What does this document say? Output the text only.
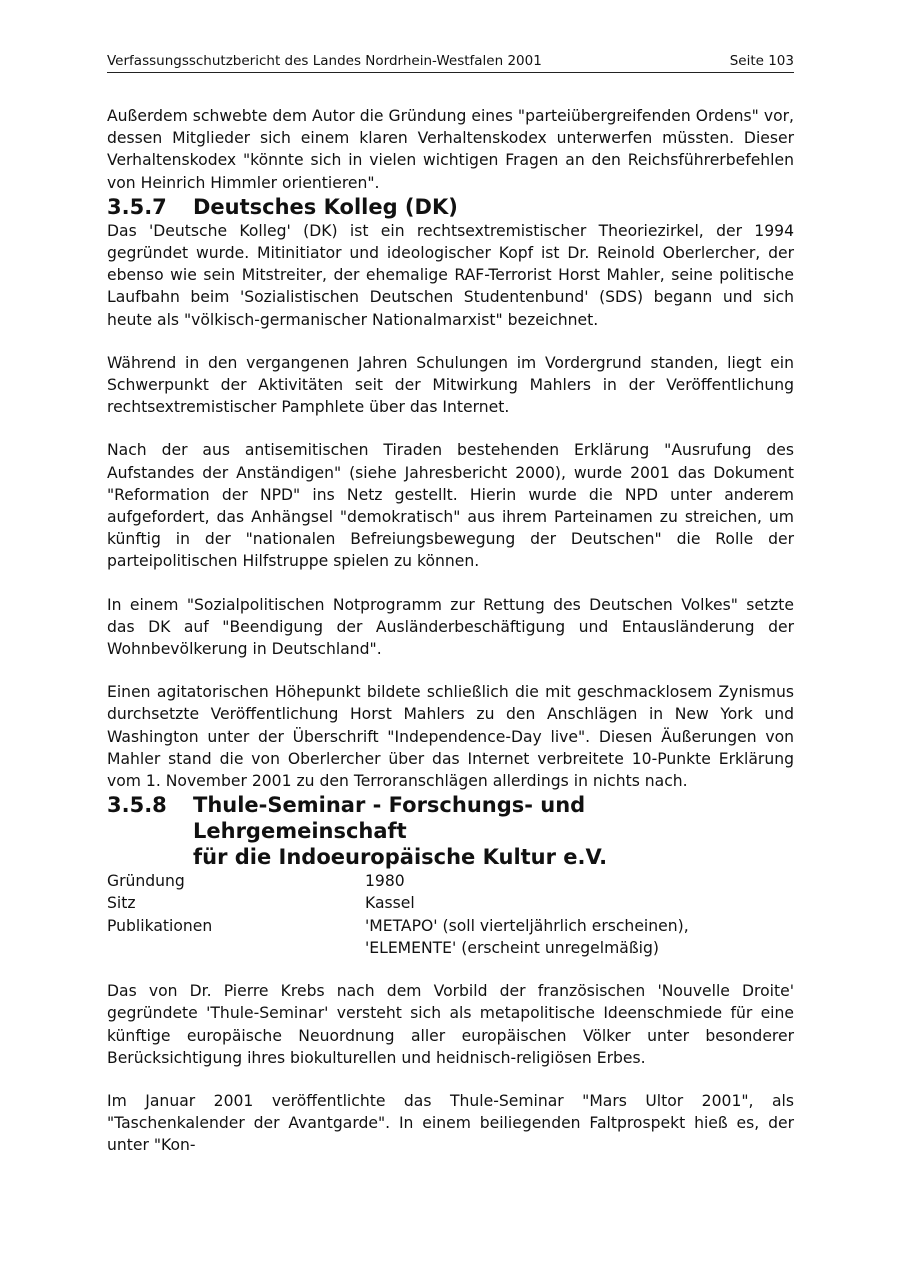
Verfassungsschutzbericht des Landes Nordrhein-Westfalen 2001	Seite 103

Außerdem schwebte dem Autor die Gründung eines "parteiübergreifenden Ordens" vor, dessen Mitglieder sich einem klaren Verhaltenskodex unterwerfen müssten. Dieser Verhaltenskodex "könnte sich in vielen wichtigen Fragen an den Reichsführerbefehlen von Heinrich Himmler orientieren".

3.5.7	Deutsches Kolleg (DK)

Das 'Deutsche Kolleg' (DK) ist ein rechtsextremistischer Theoriezirkel, der 1994 gegründet wurde. Mitinitiator und ideologischer Kopf ist Dr. Reinold Oberlercher, der ebenso wie sein Mitstreiter, der ehemalige RAF-Terrorist Horst Mahler, seine politische Laufbahn beim 'Sozialistischen Deutschen Studentenbund' (SDS) begann und sich heute als "völkisch-germanischer Nationalmarxist" bezeichnet.

Während in den vergangenen Jahren Schulungen im Vordergrund standen, liegt ein Schwerpunkt der Aktivitäten seit der Mitwirkung Mahlers in der Veröffentlichung rechtsextremistischer Pamphlete über das Internet.

Nach der aus antisemitischen Tiraden bestehenden Erklärung "Ausrufung des Aufstandes der Anständigen" (siehe Jahresbericht 2000), wurde 2001 das Dokument "Reformation der NPD" ins Netz gestellt. Hierin wurde die NPD unter anderem aufgefordert, das Anhängsel "demokratisch" aus ihrem Parteinamen zu streichen, um künftig in der "nationalen Befreiungsbewegung der Deutschen" die Rolle der parteipolitischen Hilfstruppe spielen zu können.

In einem "Sozialpolitischen Notprogramm zur Rettung des Deutschen Volkes" setzte das DK auf "Beendigung der Ausländerbeschäftigung und Entausländerung der Wohnbevölkerung in Deutschland".

Einen agitatorischen Höhepunkt bildete schließlich die mit geschmacklosem Zynismus durchsetzte Veröffentlichung Horst Mahlers zu den Anschlägen in New York und Washington unter der Überschrift "Independence-Day live". Diesen Äußerungen von Mahler stand die von Oberlercher über das Internet verbreitete 10-Punkte Erklärung vom 1. November 2001 zu den Terroranschlägen allerdings in nichts nach.

3.5.8	Thule-Seminar - Forschungs- und Lehrgemeinschaft
für die Indoeuropäische Kultur e.V.
Gründung	1980
Sitz	Kassel
Publikationen	'METAPO' (soll vierteljährlich erscheinen),
'ELEMENTE' (erscheint unregelmäßig)

Das von Dr. Pierre Krebs nach dem Vorbild der französischen 'Nouvelle Droite' gegründete 'Thule-Seminar' versteht sich als metapolitische Ideenschmiede für eine künftige europäische Neuordnung aller europäischen Völker unter besonderer Berücksichtigung ihres biokulturellen und heidnisch-religiösen Erbes.

Im Januar 2001 veröffentlichte das Thule-Seminar "Mars Ultor 2001", als "Taschenkalender der Avantgarde". In einem beiliegenden Faltprospekt hieß es, der unter "Kon-
